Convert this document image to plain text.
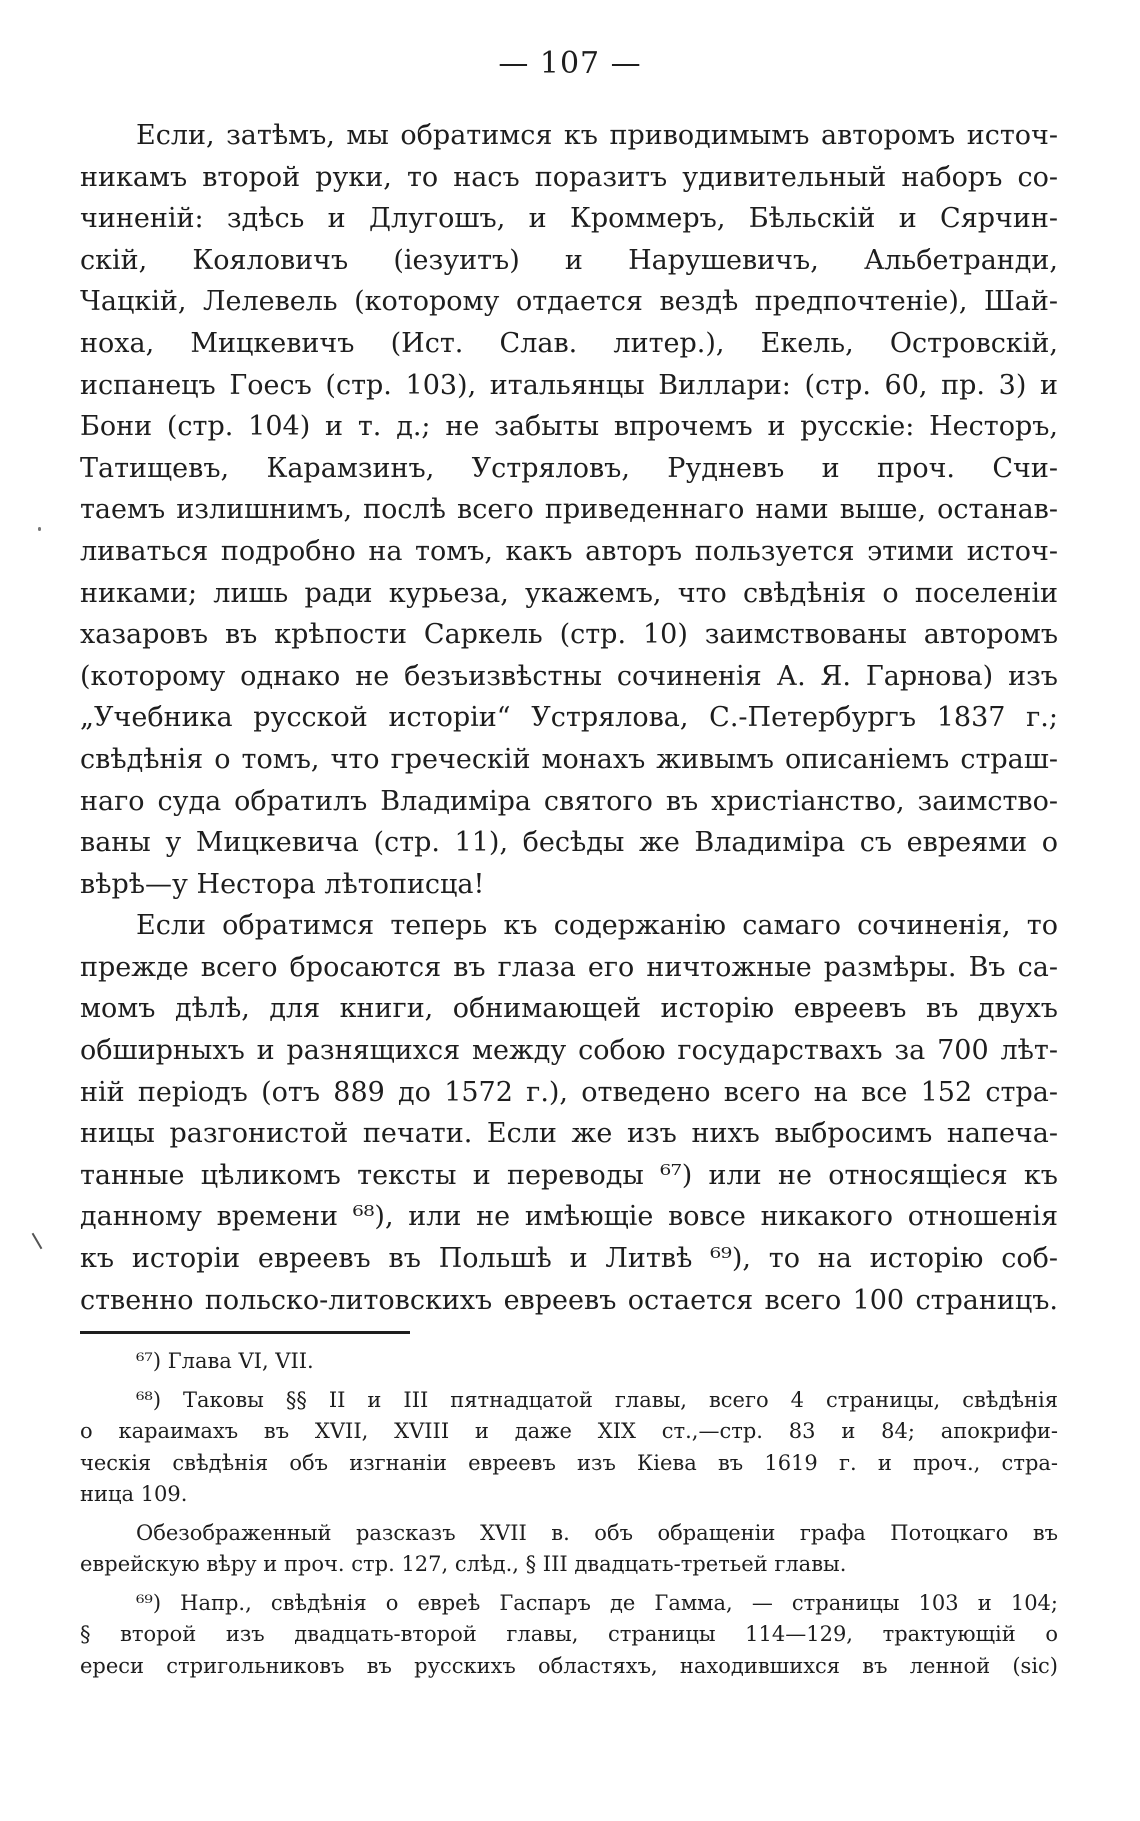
— 107 —
Если, затѣмъ, мы обратимся къ приводимымъ авторомъ источ-
никамъ второй руки, то насъ поразитъ удивительный наборъ со-
чиненій: здѣсь и Длугошъ, и Кроммеръ, Бѣльскій и Сярчин-
скій, Кояловичъ (iезуитъ) и Нарушевичъ, Альбетранди,
Чацкій, Лелевель (которому отдается вездѣ предпочтеніе), Шай-
ноха, Мицкевичъ (Ист. Слав. литер.), Екель, Островскій,
испанецъ Гоесъ (стр. 103), итальянцы Виллари: (стр. 60, пр. 3) и
Бони (стр. 104) и т. д.; не забыты впрочемъ и русскіе: Несторъ,
Татищевъ, Карамзинъ, Устряловъ, Рудневъ и проч. Счи-
таемъ излишнимъ, послѣ всего приведеннаго нами выше, останав-
ливаться подробно на томъ, какъ авторъ пользуется этими источ-
никами; лишь ради курьеза, укажемъ, что свѣдѣнія о поселеніи
хазаровъ въ крѣпости Саркель (стр. 10) заимствованы авторомъ
(которому однако не безъизвѣстны сочиненія А. Я. Гарнова) изъ
„Учебника русской исторіи“ Устрялова, С.-Петербургъ 1837 г.;
свѣдѣнія о томъ, что греческій монахъ живымъ описаніемъ страш-
наго суда обратилъ Владиміра святого въ христіанство, заимство-
ваны у Мицкевича (стр. 11), бесѣды же Владиміра съ евреями о
вѣрѣ—у Нестора лѣтописца!
Если обратимся теперь къ содержанію самаго сочиненія, то
прежде всего бросаются въ глаза его ничтожные размѣры. Въ са-
момъ дѣлѣ, для книги, обнимающей исторію евреевъ въ двухъ
обширныхъ и разнящихся между собою государствахъ за 700 лѣт-
ній періодъ (отъ 889 до 1572 г.), отведено всего на все 152 стра-
ницы разгонистой печати. Если же изъ нихъ выбросимъ напеча-
танные цѣликомъ тексты и переводы ⁶⁷) или не относящіеся къ
данному времени ⁶⁸), или не имѣющіе вовсе никакого отношенія
къ исторіи евреевъ въ Польшѣ и Литвѣ ⁶⁹), то на исторію соб-
ственно польско-литовскихъ евреевъ остается всего 100 страницъ.
⁶⁷) Глава VI, VII.
⁶⁸) Таковы §§ II и III пятнадцатой главы, всего 4 страницы, свѣдѣнія
о караимахъ въ XVII, XVIII и даже XIX ст.,—стр. 83 и 84; апокрифи-
ческія свѣдѣнія объ изгнаніи евреевъ изъ Кіева въ 1619 г. и проч., стра-
ница 109.
Обезображенный разсказъ XVII в. объ обращеніи графа Потоцкаго въ
еврейскую вѣру и проч. стр. 127, слѣд., § III двадцать-третьей главы.
⁶⁹) Напр., свѣдѣнія о евреѣ Гаспаръ де Гамма, — страницы 103 и 104;
§ второй изъ двадцать-второй главы, страницы 114—129, трактующій о
ереси стригольниковъ въ русскихъ областяхъ, находившихся въ ленной (sic)
